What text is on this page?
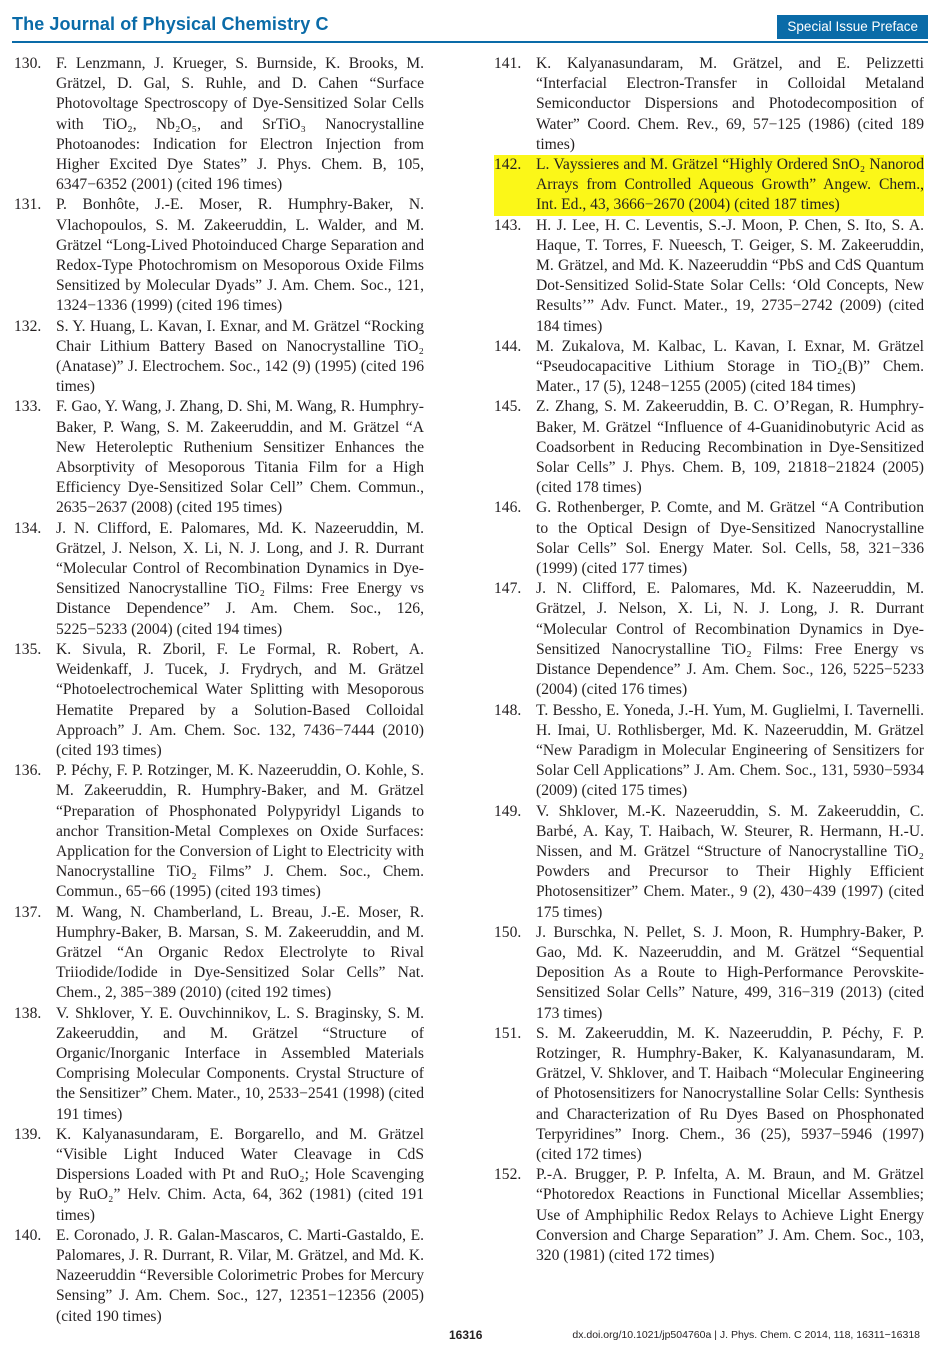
The Journal of Physical Chemistry C	Special Issue Preface
130. F. Lenzmann, J. Krueger, S. Burnside, K. Brooks, M. Grätzel, D. Gal, S. Ruhle, and D. Cahen “Surface Photovoltage Spectroscopy of Dye-Sensitized Solar Cells with TiO₂, Nb₂O₅, and SrTiO₃ Nanocrystalline Photoanodes: Indication for Electron Injection from Higher Excited Dye States” J. Phys. Chem. B, 105, 6347−6352 (2001) (cited 196 times)
131. P. Bonhôte, J.-E. Moser, R. Humphry-Baker, N. Vlachopoulos, S. M. Zakeeruddin, L. Walder, and M. Grätzel “Long-Lived Photoinduced Charge Separation and Redox-Type Photochromism on Mesoporous Oxide Films Sensitized by Molecular Dyads” J. Am. Chem. Soc., 121, 1324−1336 (1999) (cited 196 times)
132. S. Y. Huang, L. Kavan, I. Exnar, and M. Grätzel “Rocking Chair Lithium Battery Based on Nanocrystalline TiO₂ (Anatase)” J. Electrochem. Soc., 142 (9) (1995) (cited 196 times)
133. F. Gao, Y. Wang, J. Zhang, D. Shi, M. Wang, R. Humphry-Baker, P. Wang, S. M. Zakeeruddin, and M. Grätzel “A New Heteroleptic Ruthenium Sensitizer Enhances the Absorptivity of Mesoporous Titania Film for a High Efficiency Dye-Sensitized Solar Cell” Chem. Commun., 2635−2637 (2008) (cited 195 times)
134. J. N. Clifford, E. Palomares, Md. K. Nazeeruddin, M. Grätzel, J. Nelson, X. Li, N. J. Long, and J. R. Durrant “Molecular Control of Recombination Dynamics in Dye-Sensitized Nanocrystalline TiO₂ Films: Free Energy vs Distance Dependence” J. Am. Chem. Soc., 126, 5225−5233 (2004) (cited 194 times)
135. K. Sivula, R. Zboril, F. Le Formal, R. Robert, A. Weidenkaff, J. Tucek, J. Frydrych, and M. Grätzel “Photoelectrochemical Water Splitting with Mesoporous Hematite Prepared by a Solution-Based Colloidal Approach” J. Am. Chem. Soc. 132, 7436−7444 (2010) (cited 193 times)
136. P. Péchy, F. P. Rotzinger, M. K. Nazeeruddin, O. Kohle, S. M. Zakeeruddin, R. Humphry-Baker, and M. Grätzel “Preparation of Phosphonated Polypyridyl Ligands to anchor Transition-Metal Complexes on Oxide Surfaces: Application for the Conversion of Light to Electricity with Nanocrystalline TiO₂ Films” J. Chem. Soc., Chem. Commun., 65−66 (1995) (cited 193 times)
137. M. Wang, N. Chamberland, L. Breau, J.-E. Moser, R. Humphry-Baker, B. Marsan, S. M. Zakeeruddin, and M. Grätzel “An Organic Redox Electrolyte to Rival Triiodide/Iodide in Dye-Sensitized Solar Cells” Nat. Chem., 2, 385−389 (2010) (cited 192 times)
138. V. Shklover, Y. E. Ouvchinnikov, L. S. Braginsky, S. M. Zakeeruddin, and M. Grätzel “Structure of Organic/Inorganic Interface in Assembled Materials Comprising Molecular Components. Crystal Structure of the Sensitizer” Chem. Mater., 10, 2533−2541 (1998) (cited 191 times)
139. K. Kalyanasundaram, E. Borgarello, and M. Grätzel “Visible Light Induced Water Cleavage in CdS Dispersions Loaded with Pt and RuO₂; Hole Scavenging by RuO₂” Helv. Chim. Acta, 64, 362 (1981) (cited 191 times)
140. E. Coronado, J. R. Galan-Mascaros, C. Marti-Gastaldo, E. Palomares, J. R. Durrant, R. Vilar, M. Grätzel, and Md. K. Nazeeruddin “Reversible Colorimetric Probes for Mercury Sensing” J. Am. Chem. Soc., 127, 12351−12356 (2005) (cited 190 times)
141. K. Kalyanasundaram, M. Grätzel, and E. Pelizzetti “Interfacial Electron-Transfer in Colloidal Metaland Semiconductor Dispersions and Photodecomposition of Water” Coord. Chem. Rev., 69, 57−125 (1986) (cited 189 times)
142. L. Vayssieres and M. Grätzel “Highly Ordered SnO₂ Nanorod Arrays from Controlled Aqueous Growth” Angew. Chem., Int. Ed., 43, 3666−2670 (2004) (cited 187 times)
143. H. J. Lee, H. C. Leventis, S.-J. Moon, P. Chen, S. Ito, S. A. Haque, T. Torres, F. Nueesch, T. Geiger, S. M. Zakeeruddin, M. Grätzel, and Md. K. Nazeeruddin “PbS and CdS Quantum Dot-Sensitized Solid-State Solar Cells: ‘Old Concepts, New Results’” Adv. Funct. Mater., 19, 2735−2742 (2009) (cited 184 times)
144. M. Zukalova, M. Kalbac, L. Kavan, I. Exnar, M. Grätzel “Pseudocapacitive Lithium Storage in TiO₂(B)” Chem. Mater., 17 (5), 1248−1255 (2005) (cited 184 times)
145. Z. Zhang, S. M. Zakeeruddin, B. C. O’Regan, R. Humphry-Baker, M. Grätzel “Influence of 4-Guanidinobutyric Acid as Coadsorbent in Reducing Recombination in Dye-Sensitized Solar Cells” J. Phys. Chem. B, 109, 21818−21824 (2005) (cited 178 times)
146. G. Rothenberger, P. Comte, and M. Grätzel “A Contribution to the Optical Design of Dye-Sensitized Nanocrystalline Solar Cells” Sol. Energy Mater. Sol. Cells, 58, 321−336 (1999) (cited 177 times)
147. J. N. Clifford, E. Palomares, Md. K. Nazeeruddin, M. Grätzel, J. Nelson, X. Li, N. J. Long, J. R. Durrant “Molecular Control of Recombination Dynamics in Dye-Sensitized Nanocrystalline TiO₂ Films: Free Energy vs Distance Dependence” J. Am. Chem. Soc., 126, 5225−5233 (2004) (cited 176 times)
148. T. Bessho, E. Yoneda, J.-H. Yum, M. Guglielmi, I. Tavernelli. H. Imai, U. Rothlisberger, Md. K. Nazeeruddin, M. Grätzel “New Paradigm in Molecular Engineering of Sensitizers for Solar Cell Applications” J. Am. Chem. Soc., 131, 5930−5934 (2009) (cited 175 times)
149. V. Shklover, M.-K. Nazeeruddin, S. M. Zakeeruddin, C. Barbé, A. Kay, T. Haibach, W. Steurer, R. Hermann, H.-U. Nissen, and M. Grätzel “Structure of Nanocrystalline TiO₂ Powders and Precursor to Their Highly Efficient Photosensitizer” Chem. Mater., 9 (2), 430−439 (1997) (cited 175 times)
150. J. Burschka, N. Pellet, S. J. Moon, R. Humphry-Baker, P. Gao, Md. K. Nazeeruddin, and M. Grätzel “Sequential Deposition As a Route to High-Performance Perovskite-Sensitized Solar Cells” Nature, 499, 316−319 (2013) (cited 173 times)
151. S. M. Zakeeruddin, M. K. Nazeeruddin, P. Péchy, F. P. Rotzinger, R. Humphry-Baker, K. Kalyanasundaram, M. Grätzel, V. Shklover, and T. Haibach “Molecular Engineering of Photosensitizers for Nanocrystalline Solar Cells: Synthesis and Characterization of Ru Dyes Based on Phosphonated Terpyridines” Inorg. Chem., 36 (25), 5937−5946 (1997) (cited 172 times)
152. P.-A. Brugger, P. P. Infelta, A. M. Braun, and M. Grätzel “Photoredox Reactions in Functional Micellar Assemblies; Use of Amphiphilic Redox Relays to Achieve Light Energy Conversion and Charge Separation” J. Am. Chem. Soc., 103, 320 (1981) (cited 172 times)
16316	dx.doi.org/10.1021/jp504760a | J. Phys. Chem. C 2014, 118, 16311−16318
